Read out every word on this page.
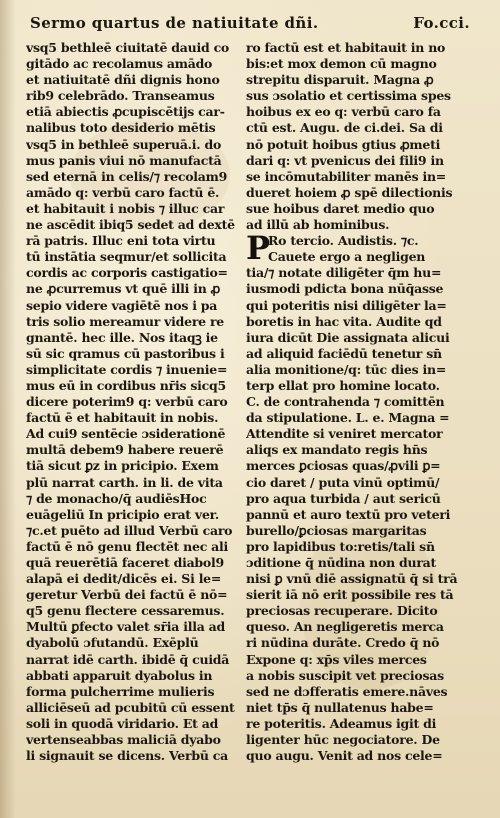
Sermo quartus de natiuitate dñi.	Fo.cci.
vsq5 bethleē ciuitatē dauid co
gitādo ac recolamus amādo
et natiuitatē dñi dignis hono
rib9 celebrādo. Transeamus
etiā abiectis ꝓcupiscētijs car-
nalibus toto desiderio mētis
vsq5 in bethleē superuā.i. do
mus panis viui nō manufactā
sed eternā in celis/⁊ recolam9
amādo q: verbū caro factū ē.
et habitauit i nobis ⁊ illuc car
ne ascēdit ibiq5 sedet ad dextē
rā patris. Illuc eni tota virtu
tū instātia seqmur/et sollicita
cordis ac corporis castigatio=
ne ꝓcurremus vt quē illi in ꝓ
sepio videre vagiētē nos i pa
tris solio mereamur videre re
gnantē. hec ille. Nos itaqꝫ ie
sū sic qramus cū pastoribus i
simplicitate cordis ⁊ inuenie=
mus eū in cordibus nr̄is sicq5
dicere poterim9 q: verbū caro
factū ē et habitauit in nobis.
Ad cui9 sentēcie ɔsiderationē
multā debem9 habere reuerē
tiā sicut ꝑz in pricipio. Exem
plū narrat carth. in li. de vita
⁊ de monacho/q̄ audiēsHoc
euāgeliū In pricipio erat ver.
⁊c.et puēto ad illud Verbū caro
factū ē nō genu flectēt nec ali
quā reuerētiā faceret diabol9
alapā ei dedit/dicēs ei. Si le=
geretur Verbū dei factū ē nō=
q5 genu flectere cessaremus.
Multū ꝑfecto valet sr̄ia illa ad
dyabolū ɔfutandū. Exēplū
narrat idē carth. ibidē q̄ cuidā
abbati apparuit dyabolus in
forma pulcherrime mulieris
alliciēseū ad pcubitū cū essent
soli in quodā viridario. Et ad
vertenseabbas maliciā dyabo
li signauit se dicens. Verbū ca
ro factū est et habitauit in no
bis:et mox demon cū magno
strepitu disparuit. Magna ꝓ
sus ɔsolatio et certissima spes
hoibus ex eo q: verbū caro fa
ctū est. Augu. de ci.dei. Sa di
nō potuit hoibus gtius ꝓmeti
dari q: vt pvenicus dei fili9 in
se incōmutabiliter manēs in=
dueret hoiem ꝓ spē dilectionis
sue hoibus daret medio quo
ad illū ab hominibus.
P
Ro tercio. Audistis. ⁊c.
Cauete ergo a negligen
tia/⁊ notate diligēter q̄m hu=
iusmodi pdicta bona nūq̄asse
qui poteritis nisi diligēter la=
boretis in hac vita. Audite qd
iura dicūt Die assignata alicui
ad aliquid faciēdū tenetur sn̄
alia monitione/q: tūc dies in=
terp ellat pro homine locato.
C. de contrahenda ⁊ comittēn
da stipulatione. L. e. Magna =
Attendite si veniret mercator
aliqs ex mandato regis hn̄s
merces ꝑciosas quas/ꝓvili ꝑ=
cio daret / puta vinū optimū/
pro aqua turbida / aut sericū
pannū et auro textū pro veteri
burello/ꝑciosas margaritas
pro lapidibus to:retis/tali sn̄
ɔditione q̄ nūdina non durat
nisi ꝑ vnū diē assignatū q̄ si trā
sierit iā nō erit possibile res tā
preciosas recuperare. Dicito
queso. An negligeretis merca
ri nūdina durāte. Credo q̄ nō
Expone q: xp̄s viles merces
a nobis suscipit vet preciosas
sed ne dɔfferatis emere.nāves
niet tp̄s q̄ nullatenus habe=
re poteritis. Adeamus igit di
ligenter hūc negociatore. De
quo augu. Venit ad nos cele=
